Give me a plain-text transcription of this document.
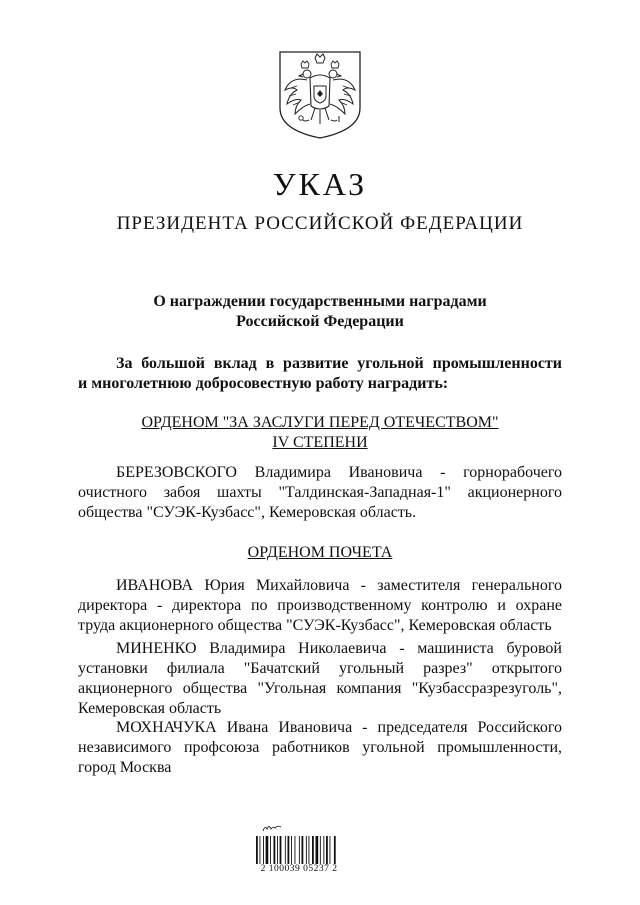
УКАЗ
ПРЕЗИДЕНТА РОССИЙСКОЙ ФЕДЕРАЦИИ
О награждении государственными наградами
Российской Федерации
За большой вклад в развитие угольной промышленности
и многолетнюю добросовестную работу наградить:
ОРДЕНОМ "ЗА ЗАСЛУГИ ПЕРЕД ОТЕЧЕСТВОМ"
IV СТЕПЕНИ
БЕРЕЗОВСКОГО Владимира Ивановича - горнорабочего
очистного забоя шахты "Талдинская-Западная-1" акционерного
общества "СУЭК-Кузбасс", Кемеровская область.
ОРДЕНОМ ПОЧЕТА
ИВАНОВА Юрия Михайловича - заместителя генерального
директора - директора по производственному контролю и охране
труда акционерного общества "СУЭК-Кузбасс", Кемеровская область
МИНЕНКО Владимира Николаевича - машиниста буровой
установки филиала "Бачатский угольный разрез" открытого
акционерного общества "Угольная компания "Кузбассразрезуголь",
Кемеровская область
МОХНАЧУКА Ивана Ивановича - председателя Российского
независимого профсоюза работников угольной промышленности,
город Москва
2 100039 05237 2
